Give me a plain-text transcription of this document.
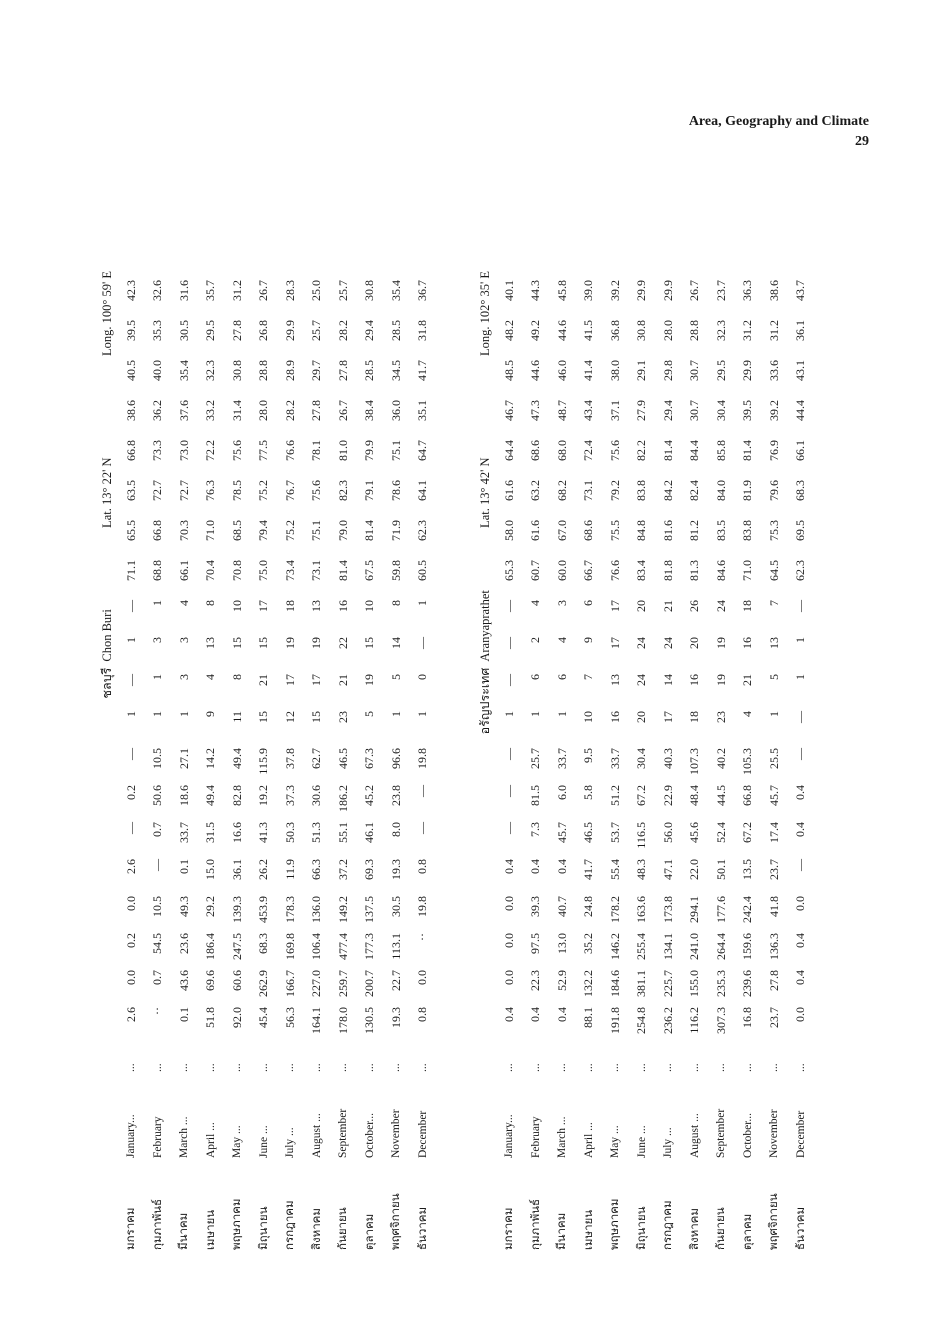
Area, Geography and Climate
29
ชลบุรี
Chon Buri
Lat. 13° 22' N
Long. 100° 59' E
มกราคม
January...
...
2.6
0.0
0.2
0.0
2.6
—
0.2
—
1
—
1
—
71.1
65.5
63.5
66.8
38.6
40.5
39.5
42.3
กุมภาพันธ์
February
...
··
0.7
54.5
10.5
—
0.7
50.6
10.5
1
1
3
1
68.8
66.8
72.7
73.3
36.2
40.0
35.3
32.6
มีนาคม
March ...
...
0.1
43.6
23.6
49.3
0.1
33.7
18.6
27.1
1
3
3
4
66.1
70.3
72.7
73.0
37.6
35.4
30.5
31.6
เมษายน
April ...
...
51.8
69.6
186.4
29.2
15.0
31.5
49.4
14.2
9
4
13
8
70.4
71.0
76.3
72.2
33.2
32.3
29.5
35.7
พฤษภาคม
May ...
...
92.0
60.6
247.5
139.3
36.1
16.6
82.8
49.4
11
8
15
10
70.8
68.5
78.5
75.6
31.4
30.8
27.8
31.2
มิถุนายน
June ...
...
45.4
262.9
68.3
453.9
26.2
41.3
19.2
115.9
15
21
15
17
75.0
79.4
75.2
77.5
28.0
28.8
26.8
26.7
กรกฎาคม
July ...
...
56.3
166.7
169.8
178.3
11.9
50.3
37.3
37.8
12
17
19
18
73.4
75.2
76.7
76.6
28.2
28.9
29.9
28.3
สิงหาคม
August ...
...
164.1
227.0
106.4
136.0
66.3
51.3
30.6
62.7
15
17
19
13
73.1
75.1
75.6
78.1
27.8
29.7
25.7
25.0
กันยายน
September
...
178.0
259.7
477.4
149.2
37.2
55.1
186.2
46.5
23
21
22
16
81.4
79.0
82.3
81.0
26.7
27.8
28.2
25.7
ตุลาคม
October...
...
130.5
200.7
177.3
137.5
69.3
46.1
45.2
67.3
5
19
15
10
67.5
81.4
79.1
79.9
38.4
28.5
29.4
30.8
พฤศจิกายน
November
...
19.3
22.7
113.1
30.5
19.3
8.0
23.8
96.6
1
5
14
8
59.8
71.9
78.6
75.1
36.0
34.5
28.5
35.4
ธันวาคม
December
...
0.8
0.0
··
19.8
0.8
—
—
19.8
1
0
—
1
60.5
62.3
64.1
64.7
35.1
41.7
31.8
36.7
อรัญประเทศ
Aranyaprathet
Lat. 13° 42' N
Long. 102° 35' E
มกราคม
January...
...
0.4
0.0
0.0
0.0
0.4
—
—
—
1
—
—
—
65.3
58.0
61.6
64.4
46.7
48.5
48.2
40.1
กุมภาพันธ์
February
...
0.4
22.3
97.5
39.3
0.4
7.3
81.5
25.7
1
6
2
4
60.7
61.6
63.2
68.6
47.3
44.6
49.2
44.3
มีนาคม
March ...
...
0.4
52.9
13.0
40.7
0.4
45.7
6.0
33.7
1
6
4
3
60.0
67.0
68.2
68.0
48.7
46.0
44.6
45.8
เมษายน
April ...
...
88.1
132.2
35.2
24.8
41.7
46.5
5.8
9.5
10
7
9
6
66.7
68.6
73.1
72.4
43.4
41.4
41.5
39.0
พฤษภาคม
May ...
...
191.8
184.6
146.2
178.2
55.4
53.7
51.2
33.7
16
13
17
17
76.6
75.5
79.2
75.6
37.1
38.0
36.8
39.2
มิถุนายน
June ...
...
254.8
381.1
255.4
163.6
48.3
116.5
67.2
30.4
20
24
24
20
83.4
84.8
83.8
82.2
27.9
29.1
30.8
29.9
กรกฎาคม
July ...
...
236.2
225.7
134.1
173.8
47.1
56.0
22.9
40.3
17
14
24
21
81.8
81.6
84.2
81.4
29.4
29.8
28.0
29.9
สิงหาคม
August ...
...
116.2
155.0
241.0
294.1
22.0
45.6
48.4
107.3
18
16
20
26
81.3
81.2
82.4
84.4
30.7
30.7
28.8
26.7
กันยายน
September
...
307.3
235.3
264.4
177.6
50.1
52.4
44.5
40.2
23
19
19
24
84.6
83.5
84.0
85.8
30.4
29.5
32.3
23.7
ตุลาคม
October...
...
16.8
239.6
159.6
242.4
13.5
67.2
66.8
105.3
4
21
16
18
71.0
83.8
81.9
81.4
39.5
29.9
31.2
36.3
พฤศจิกายน
November
...
23.7
27.8
136.3
41.8
23.7
17.4
45.7
25.5
1
5
13
7
64.5
75.3
79.6
76.9
39.2
33.6
31.2
38.6
ธันวาคม
December
...
0.0
0.4
0.4
0.0
—
0.4
0.4
—
—
1
1
—
62.3
69.5
68.3
66.1
44.4
43.1
36.1
43.7
